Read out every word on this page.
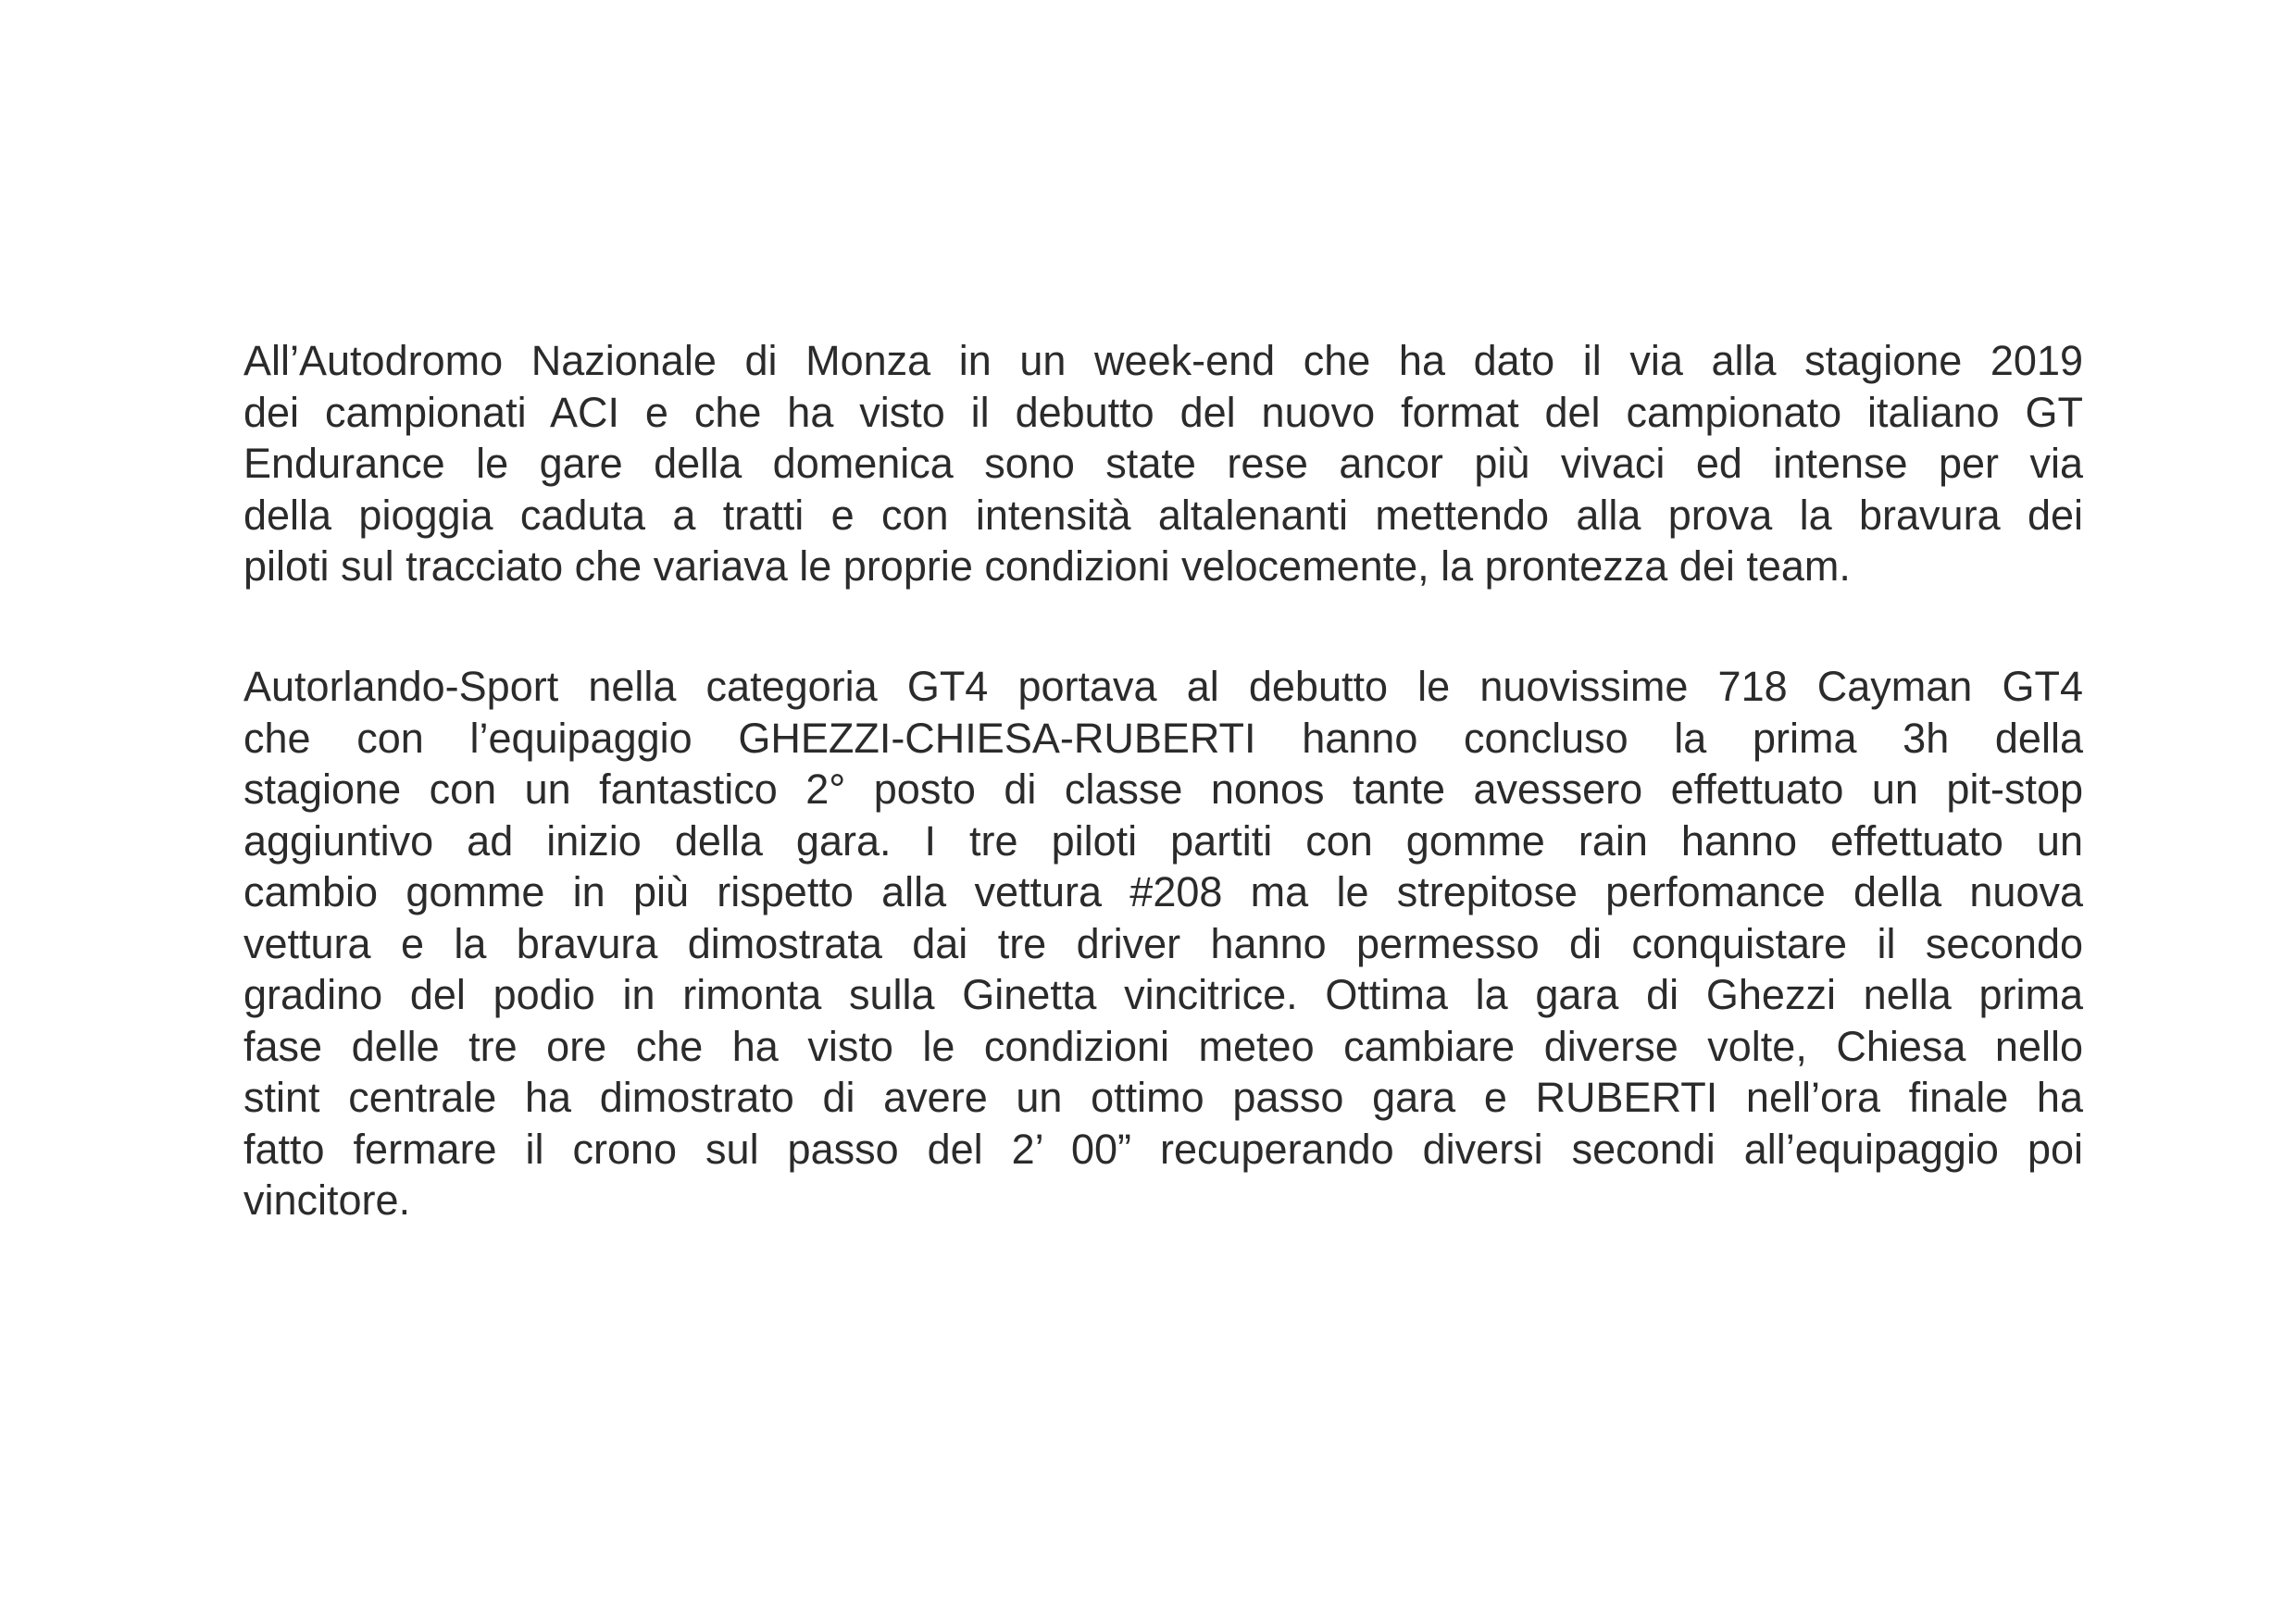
All’Autodromo Nazionale di Monza in un week-end che ha dato il via alla stagione 2019
dei campionati ACI e che ha visto il debutto del nuovo format del campionato italiano GT
Endurance le gare della domenica sono state rese ancor più vivaci ed intense per via
della pioggia caduta a tratti e con intensità altalenanti mettendo alla prova la bravura dei
piloti sul tracciato che variava le proprie condizioni velocemente, la prontezza dei team.
Autorlando-Sport nella categoria GT4 portava al debutto le nuovissime 718 Cayman GT4
che con l’equipaggio GHEZZI-CHIESA-RUBERTI hanno concluso la prima 3h della
stagione con un fantastico 2° posto di classe nonos tante avessero effettuato un pit-stop
aggiuntivo ad inizio della gara. I tre piloti partiti con gomme rain hanno effettuato un
cambio gomme in più rispetto alla vettura #208 ma le strepitose perfomance della nuova
vettura e la bravura dimostrata dai tre driver hanno permesso di conquistare il secondo
gradino del podio in rimonta sulla Ginetta vincitrice. Ottima la gara di Ghezzi nella prima
fase delle tre ore che ha visto le condizioni meteo cambiare diverse volte, Chiesa nello
stint centrale ha dimostrato di avere un ottimo passo gara e RUBERTI nell’ora finale ha
fatto fermare il crono sul passo del 2’ 00” recuperando diversi secondi all’equipaggio poi
vincitore.
